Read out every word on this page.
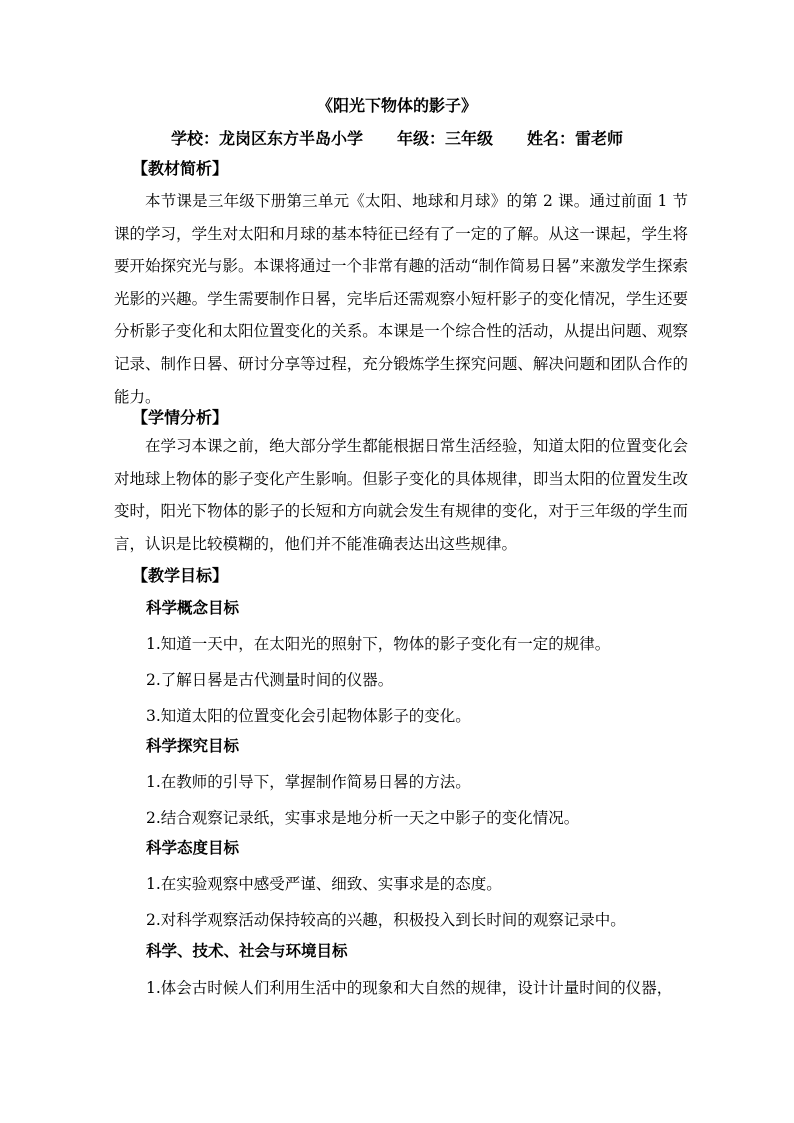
《阳光下物体的影子》
学校：龙岗区东方半岛小学 年级：三年级 姓名：雷老师
【教材简析】
本节课是三年级下册第三单元《太阳、地球和月球》的第 2 课。通过前面 1 节课的学习，学生对太阳和月球的基本特征已经有了一定的了解。从这一课起，学生将要开始探究光与影。本课将通过一个非常有趣的活动“制作简易日晷”来激发学生探索光影的兴趣。学生需要制作日晷，完毕后还需观察小短杆影子的变化情况，学生还要分析影子变化和太阳位置变化的关系。本课是一个综合性的活动，从提出问题、观察记录、制作日晷、研讨分享等过程，充分锻炼学生探究问题、解决问题和团队合作的能力。
【学情分析】
在学习本课之前，绝大部分学生都能根据日常生活经验，知道太阳的位置变化会对地球上物体的影子变化产生影响。但影子变化的具体规律，即当太阳的位置发生改变时，阳光下物体的影子的长短和方向就会发生有规律的变化，对于三年级的学生而言，认识是比较模糊的，他们并不能准确表达出这些规律。
【教学目标】
科学概念目标
1.知道一天中，在太阳光的照射下，物体的影子变化有一定的规律。
2.了解日晷是古代测量时间的仪器。
3.知道太阳的位置变化会引起物体影子的变化。
科学探究目标
1.在教师的引导下，掌握制作简易日晷的方法。
2.结合观察记录纸，实事求是地分析一天之中影子的变化情况。
科学态度目标
1.在实验观察中感受严谨、细致、实事求是的态度。
2.对科学观察活动保持较高的兴趣，积极投入到长时间的观察记录中。
科学、技术、社会与环境目标
1.体会古时候人们利用生活中的现象和大自然的规律，设计计量时间的仪器，
